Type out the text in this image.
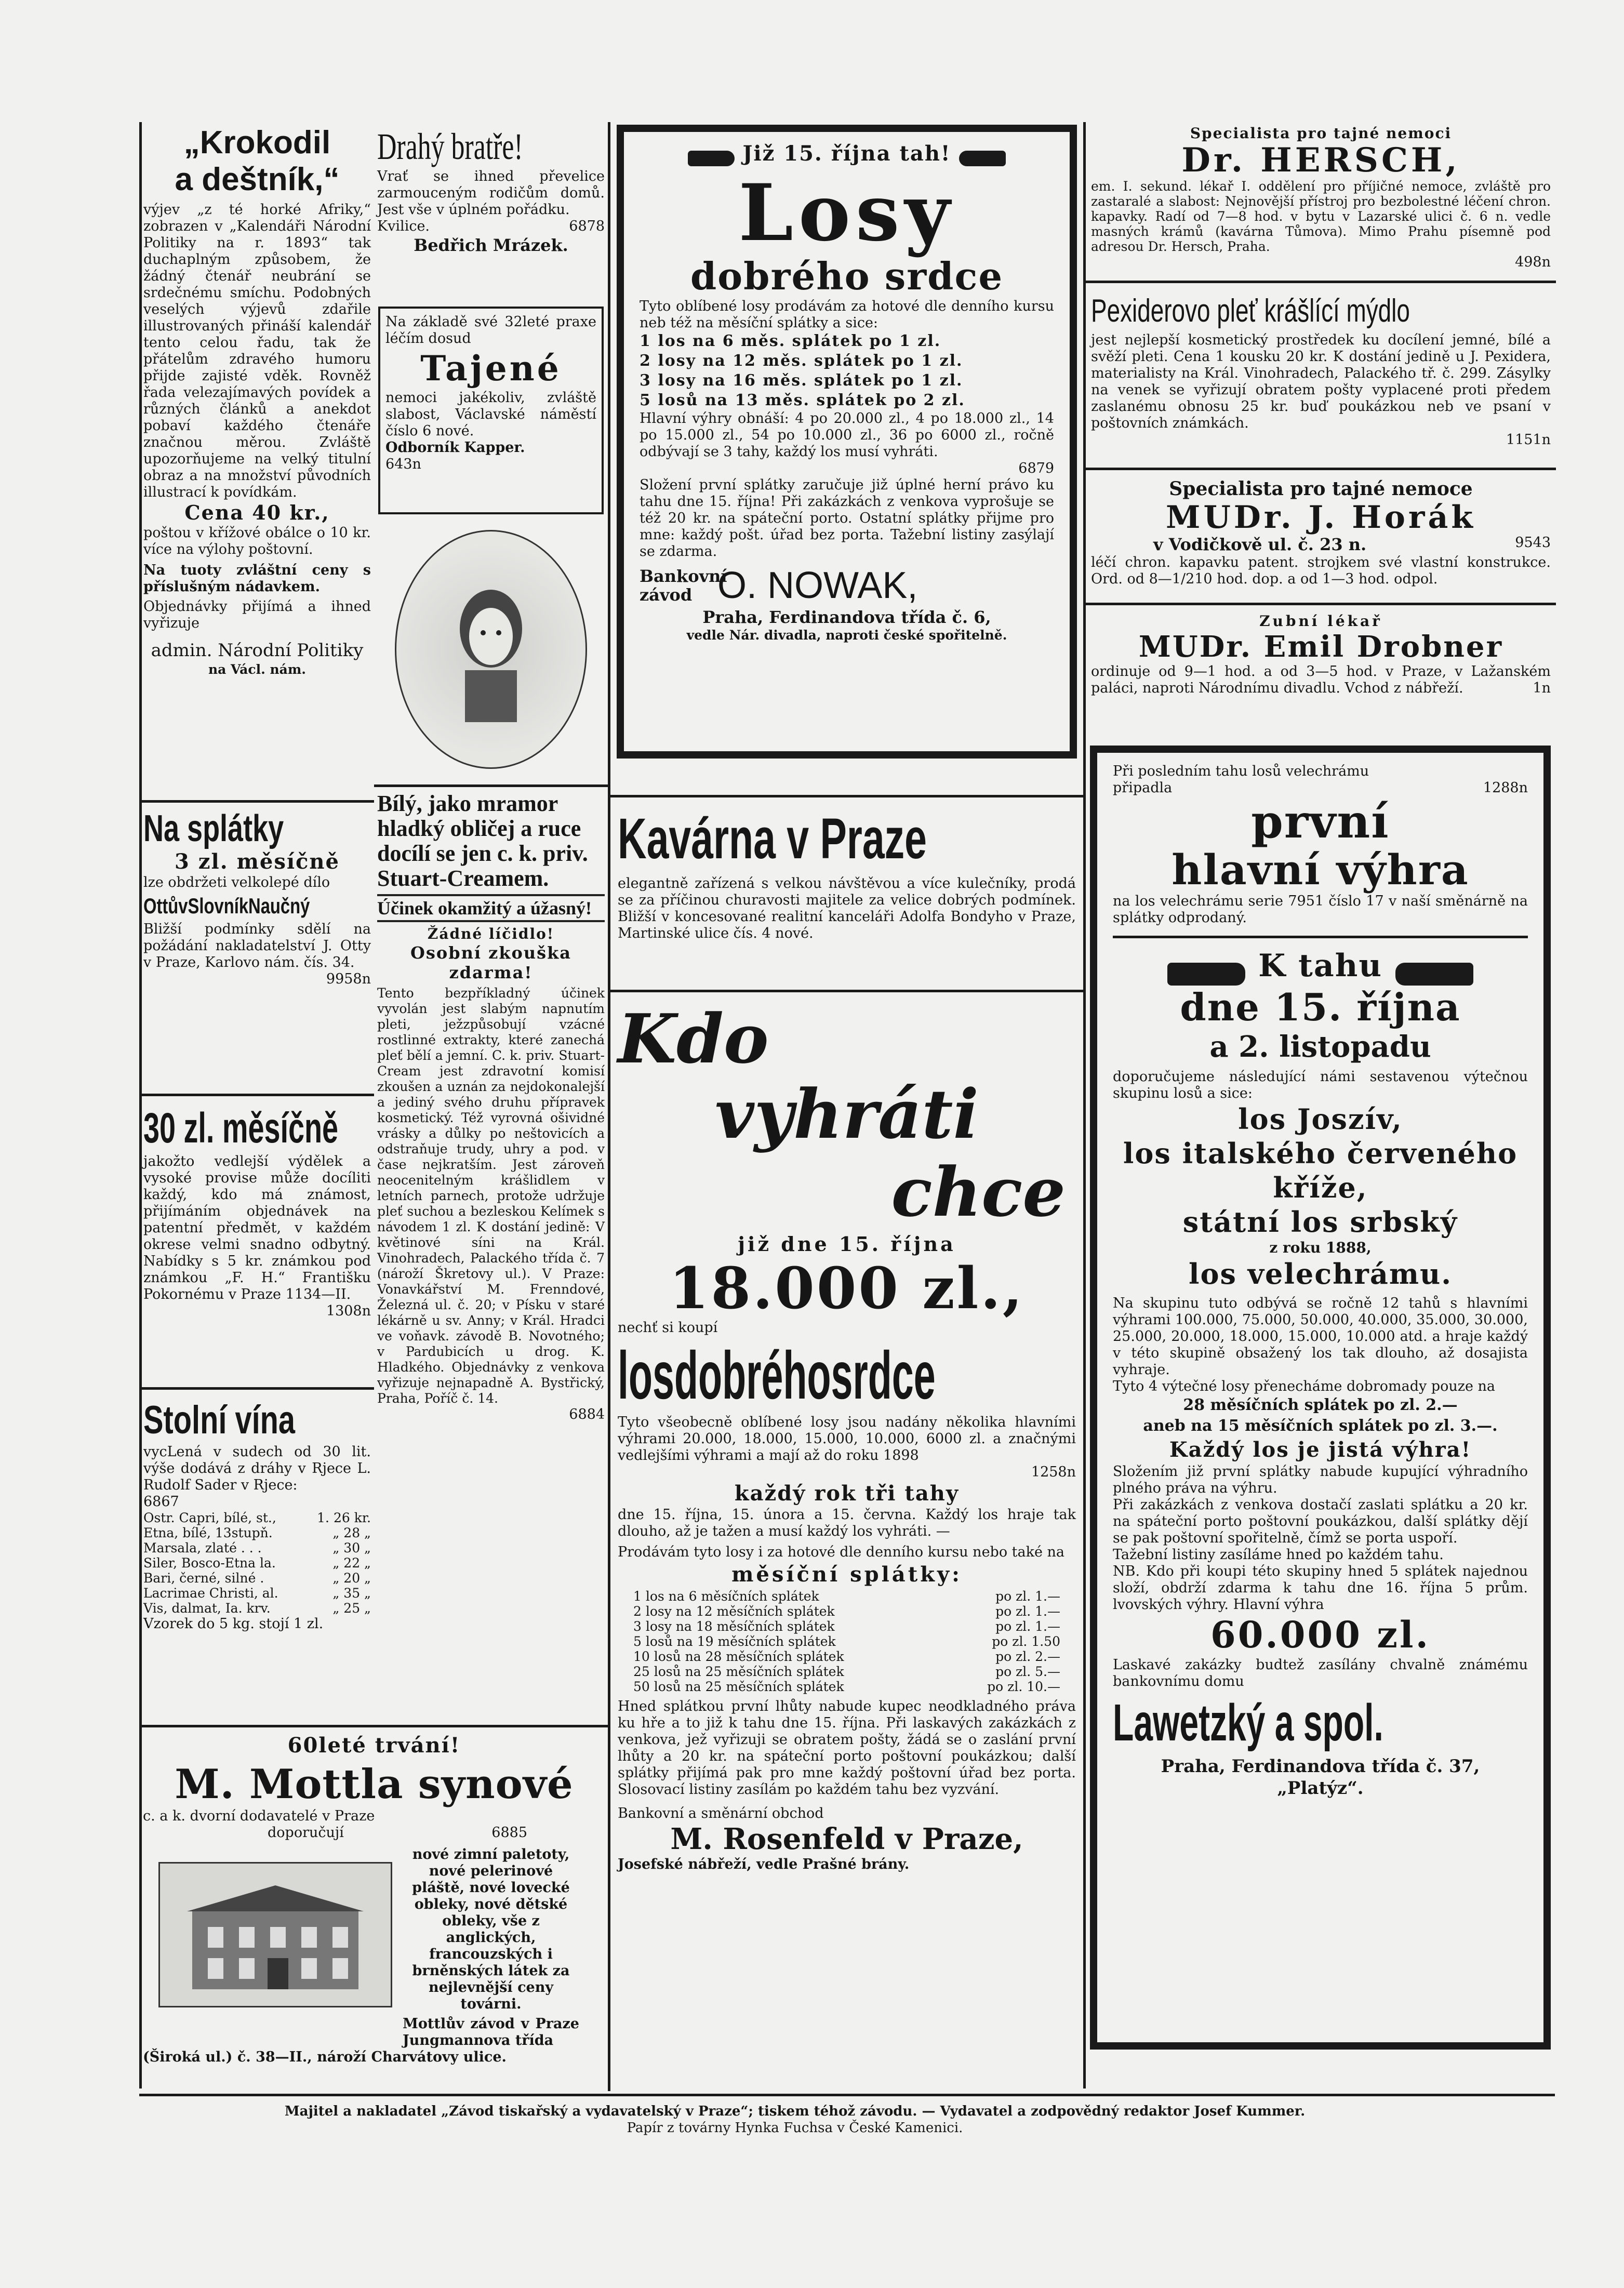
„Krokodil
a deštník,“
výjev „z té horké Afriky,“ zobrazen v „Kalendáři Národní Politiky na r. 1893“ tak duchaplným způsobem, že žádný čtenář neubrání se srdečnému smíchu. Podobných veselých výjevů zdařile illustrovaných přináší kalendář tento celou řadu, tak že přátelům zdravého humoru přijde zajisté vděk. Rovněž řada velezajímavých povídek a různých článků a anekdot pobaví každého čtenáře značnou měrou. Zvláště upozorňujeme na velký titulní obraz a na množství původních illustrací k povídkám.
Cena 40 kr.,
poštou v křížové obálce o 10 kr. více na výlohy poštovní.
Na tuoty zvláštní ceny s příslušným nádavkem.
Objednávky přijímá a ihned vyřizuje
admin. Národní Politiky
na Václ. nám.
Na splátky
3 zl. měsíčně
lze obdržeti velkolepé dílo
OttůvSlovníkNaučný
Bližší podmínky sdělí na požádání nakladatelství J. Otty v Praze, Karlovo nám. čís. 34.
9958n
30 zl. měsíčně
jakožto vedlejší výdělek a vysoké provise může docíliti každý, kdo má známost, přijímáním objednávek na patentní předmět, v každém okrese velmi snadno odbytný. Nabídky s 5 kr. známkou pod známkou „F. H.“ Františku Pokornému v Praze 1134—II.
1308n
Stolní vína
vycLená v sudech od 30 lit. výše dodává z dráhy v Rjece L. Rudolf Sader v Rjece:
6867
Ostr. Capri, bílé, st.,	1. 26 kr.
Etna, bílé, 13stupň.	„ 28 „
Marsala, zlaté . . .	„ 30 „
Siler, Bosco-Etna la.	„ 22 „
Bari, černé, silné .	„ 20 „
Lacrimae Christi, al.	„ 35 „
Vis, dalmat, Ia. krv.	„ 25 „
Vzorek do 5 kg. stojí 1 zl.
Drahý bratře!
Vrať se ihned převelice zarmouceným rodičům domů. Jest vše v úplném pořádku.
Kvilice.	6878
Bedřich Mrázek.
Na základě své 32leté praxe léčím dosud
Tajené
nemoci jakékoliv, zvláště slabost, Václavské náměstí číslo 6 nové.
Odborník Kapper.
643n
Bílý, jako mramor hladký obličej a ruce docílí se jen c. k. priv. Stuart-Creamem.
Účinek okamžitý a úžasný!
Žádné líčidlo!
Osobní zkouška zdarma!
Tento bezpříkladný účinek vyvolán jest slabým napnutím pleti, ježzpůsobují vzácné rostlinné extrakty, které zanechá pleť bělí a jemní. C. k. priv. Stuart-Cream jest zdravotní komisí zkoušen a uznán za nejdokonalejší a jediný svého druhu přípravek kosmetický. Též vyrovná ošividné vrásky a důlky po neštovicích a odstraňuje trudy, uhry a pod. v čase nejkratším. Jest zároveň neocenitelným krášlidlem v letních parnech, protože udržuje pleť suchou a bezleskou Kelímek s návodem 1 zl. K dostání jedině: V květinové síni na Král. Vinohradech, Palackého třída č. 7 (nároží Škretovy ul.). V Praze: Vonavkářství M. Frenndové, Železná ul. č. 20; v Písku v staré lékárně u sv. Anny; v Král. Hradci ve voňavk. závodě B. Novotného; v Pardubicích u drog. K. Hladkého. Objednávky z venkova vyřizuje nejnapadně A. Bystřický, Praha, Poříč č. 14.
6884
60leté trvání!
M. Mottla synové
c. a k. dvorní dodavatelé v Praze
doporučují	6885
nové zimní paletoty, nové pelerinové pláště, nové lovecké obleky, nové dětské obleky, vše z anglických, francouzských i brněnských látek za nejlevnější ceny továrni.
Mottlův závod v Praze Jungmannova třída
(Široká ul.) č. 38—II., nároží Charvátovy ulice.
Již 15. října tah!
Losy
dobrého srdce
Tyto oblíbené losy prodávám za hotové dle denního kursu neb též na měsíční splátky a sice:
1 los na 6 měs. splátek po 1 zl.
2 losy na 12 měs. splátek po 1 zl.
3 losy na 16 měs. splátek po 1 zl.
5 losů na 13 měs. splátek po 2 zl.
Hlavní výhry obnáší: 4 po 20.000 zl., 4 po 18.000 zl., 14 po 15.000 zl., 54 po 10.000 zl., 36 po 6000 zl., ročně odbývají se 3 tahy, každý los musí vyhráti.
6879
Složení první splátky zaručuje již úplné herní právo ku tahu dne 15. října! Při zakázkách z venkova vyprošuje se též 20 kr. na spáteční porto. Ostatní splátky přijme pro mne: každý pošt. úřad bez porta. Tažební listiny zasýlají se zdarma.
Bankovní závod O. NOWAK,
Praha, Ferdinandova třída č. 6,
vedle Nár. divadla, naproti české spořitelně.
Kavárna v Praze
elegantně zařízená s velkou návštěvou a více kulečníky, prodá se za příčinou churavosti majitele za velice dobrých podmínek. Bližší v koncesované realitní kanceláři Adolfa Bondyho v Praze, Martinské ulice čís. 4 nové.
Kdo
vyhráti
chce
již dne 15. října
18.000 zl.,
nechť si koupí
losdobréhosrdce
Tyto všeobecně oblíbené losy jsou nadány několika hlavními výhrami 20.000, 18.000, 15.000, 10.000, 6000 zl. a značnými vedlejšími výhrami a mají až do roku 1898
1258n
každý rok tři tahy
dne 15. října, 15. února a 15. června. Každý los hraje tak dlouho, až je tažen a musí každý los vyhráti. —
Prodávám tyto losy i za hotové dle denního kursu nebo také na
měsíční splátky:
1 los na 6 měsíčních splátek	po zl. 1.—
2 losy na 12 měsíčních splátek	po zl. 1.—
3 losy na 18 měsíčních splátek	po zl. 1.—
5 losů na 19 měsíčních splátek	po zl. 1.50
10 losů na 28 měsíčních splátek	po zl. 2.—
25 losů na 25 měsíčních splátek	po zl. 5.—
50 losů na 25 měsíčních splátek	po zl. 10.—
Hned splátkou první lhůty nabude kupec neodkladného práva ku hře a to již k tahu dne 15. října. Při laskavých zakázkách z venkova, jež vyřizuji se obratem pošty, žádá se o zaslání první lhůty a 20 kr. na spáteční porto poštovní poukázkou; další splátky přijímá pak pro mne každý poštovní úřad bez porta. Slosovací listiny zasílám po každém tahu bez vyzvání.
Bankovní a směnární obchod
M. Rosenfeld v Praze,
Josefské nábřeží, vedle Prašné brány.
Specialista pro tajné nemoci
Dr. HERSCH,
em. I. sekund. lékař I. oddělení pro příjičné nemoce, zvláště pro zastaralé a slabost: Nejnovější přístroj pro bezbolestné léčení chron. kapavky. Radí od 7—8 hod. v bytu v Lazarské ulici č. 6 n. vedle masných krámů (kavárna Tůmova). Mimo Prahu písemně pod adresou Dr. Hersch, Praha.
498n
Pexiderovo pleť krášlící mýdlo
jest nejlepší kosmetický prostředek ku docílení jemné, bílé a svěží pleti. Cena 1 kousku 20 kr. K dostání jedině u J. Pexidera, materialisty na Král. Vinohradech, Palackého tř. č. 299. Zásylky na venek se vyřizují obratem pošty vyplacené proti předem zaslanému obnosu 25 kr. buď poukázkou neb ve psaní v poštovních známkách.
1151n
Specialista pro tajné nemoce
MUDr. J. Horák
v Vodičkově ul. č. 23 n.	9543
léčí chron. kapavku patent. strojkem své vlastní konstrukce. Ord. od 8—1/210 hod. dop. a od 1—3 hod. odpol.
Zubní lékař
MUDr. Emil Drobner
ordinuje od 9—1 hod. a od 3—5 hod. v Praze, v Lažanském paláci, naproti Národnímu divadlu. Vchod z nábřeží.	1n
Při posledním tahu losů velechrámu připadla	1288n
první
hlavní výhra
na los velechrámu serie 7951 číslo 17 v naší směnárně na splátky odprodaný.
K tahu
dne 15. října
a 2. listopadu
doporučujeme následující námi sestavenou výtečnou skupinu losů a sice:
los Joszív,
los italského červeného kříže,
státní los srbský
z roku 1888,
los velechrámu.
Na skupinu tuto odbývá se ročně 12 tahů s hlavními výhrami 100.000, 75.000, 50.000, 40.000, 35.000, 30.000, 25.000, 20.000, 18.000, 15.000, 10.000 atd. a hraje každý v této skupině obsažený los tak dlouho, až dosajista vyhraje.
Tyto 4 výtečné losy přenecháme dobromady pouze na
28 měsíčních splátek po zl. 2.—
aneb na 15 měsíčních splátek po zl. 3.—.
Každý los je jistá výhra!
Složením již první splátky nabude kupující výhradního plného práva na výhru.
Při zakázkách z venkova dostačí zaslati splátku a 20 kr. na spáteční porto poštovní poukázkou, další splátky dějí se pak poštovní spořitelně, čímž se porta uspoří.
Tažební listiny zasíláme hned po každém tahu.
NB. Kdo při koupi této skupiny hned 5 splátek najednou složí, obdrží zdarma k tahu dne 16. října 5 prům. lvovských výhry. Hlavní výhra
60.000 zl.
Laskavé zakázky budtež zasílány chvalně známému bankovnímu domu
Lawetzký a spol.
Praha, Ferdinandova třída č. 37,
„Platýz“.
Majitel a nakladatel „Závod tiskařský a vydavatelský v Praze“; tiskem téhož závodu. — Vydavatel a zodpovědný redaktor Josef Kummer.
Papír z továrny Hynka Fuchsa v České Kamenici.
